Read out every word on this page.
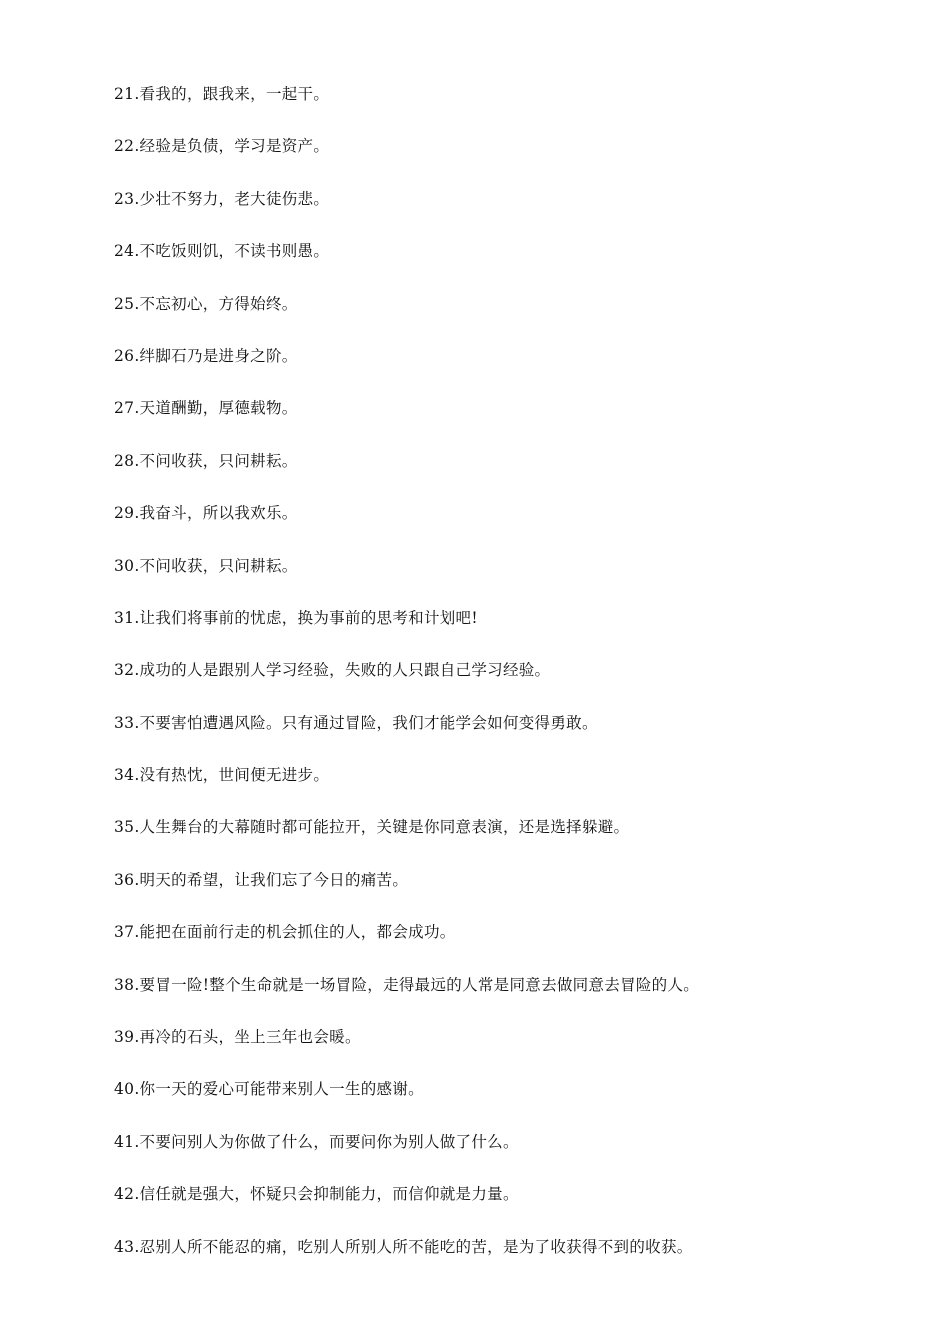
21.看我的，跟我来，一起干。
22.经验是负债，学习是资产。
23.少壮不努力，老大徒伤悲。
24.不吃饭则饥，不读书则愚。
25.不忘初心，方得始终。
26.绊脚石乃是进身之阶。
27.天道酬勤，厚德载物。
28.不问收获，只问耕耘。
29.我奋斗，所以我欢乐。
30.不问收获，只问耕耘。
31.让我们将事前的忧虑，换为事前的思考和计划吧!
32.成功的人是跟别人学习经验，失败的人只跟自己学习经验。
33.不要害怕遭遇风险。只有通过冒险，我们才能学会如何变得勇敢。
34.没有热忱，世间便无进步。
35.人生舞台的大幕随时都可能拉开，关键是你同意表演，还是选择躲避。
36.明天的希望，让我们忘了今日的痛苦。
37.能把在面前行走的机会抓住的人，都会成功。
38.要冒一险!整个生命就是一场冒险，走得最远的人常是同意去做同意去冒险的人。
39.再冷的石头，坐上三年也会暖。
40.你一天的爱心可能带来别人一生的感谢。
41.不要问别人为你做了什么，而要问你为别人做了什么。
42.信任就是强大，怀疑只会抑制能力，而信仰就是力量。
43.忍别人所不能忍的痛，吃别人所别人所不能吃的苦，是为了收获得不到的收获。
